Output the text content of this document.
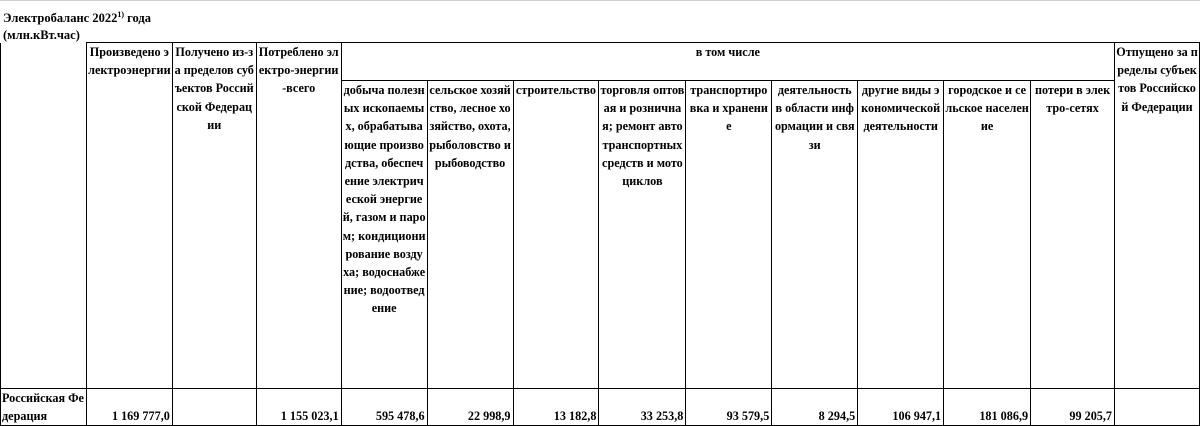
Электробаланс 2022$^{1)}$ года
(млн.кВт.час)
	Произведено электроэнергии	Получено из-за пределов субъектов Российской Федерации	Потреблено электро-энергии-всего	в том числе									Отпущено за пределы субъектов Российской Федерации
				добыча полезных ископаемых, обрабатывающие производства, обеспечение электрической энергией, газом и паром; кондиционирование воздуха; водоснабжение; водоотведение	сельское хозяйство, лесное хозяйство, охота, рыболовство и рыбоводство	строительство	торговля оптовая и розничная; ремонт автотранспортных средств и мотоциклов	транспортировка и хранение	деятельность в области информации и связи	другие виды экономической деятельности	городское и сельское население	потери в электро-сетях	
Российская Федерация	1 169 777,0		1 155 023,1	595 478,6	22 998,9	13 182,8	33 253,8	93 579,5	8 294,5	106 947,1	181 086,9	99 205,7	
